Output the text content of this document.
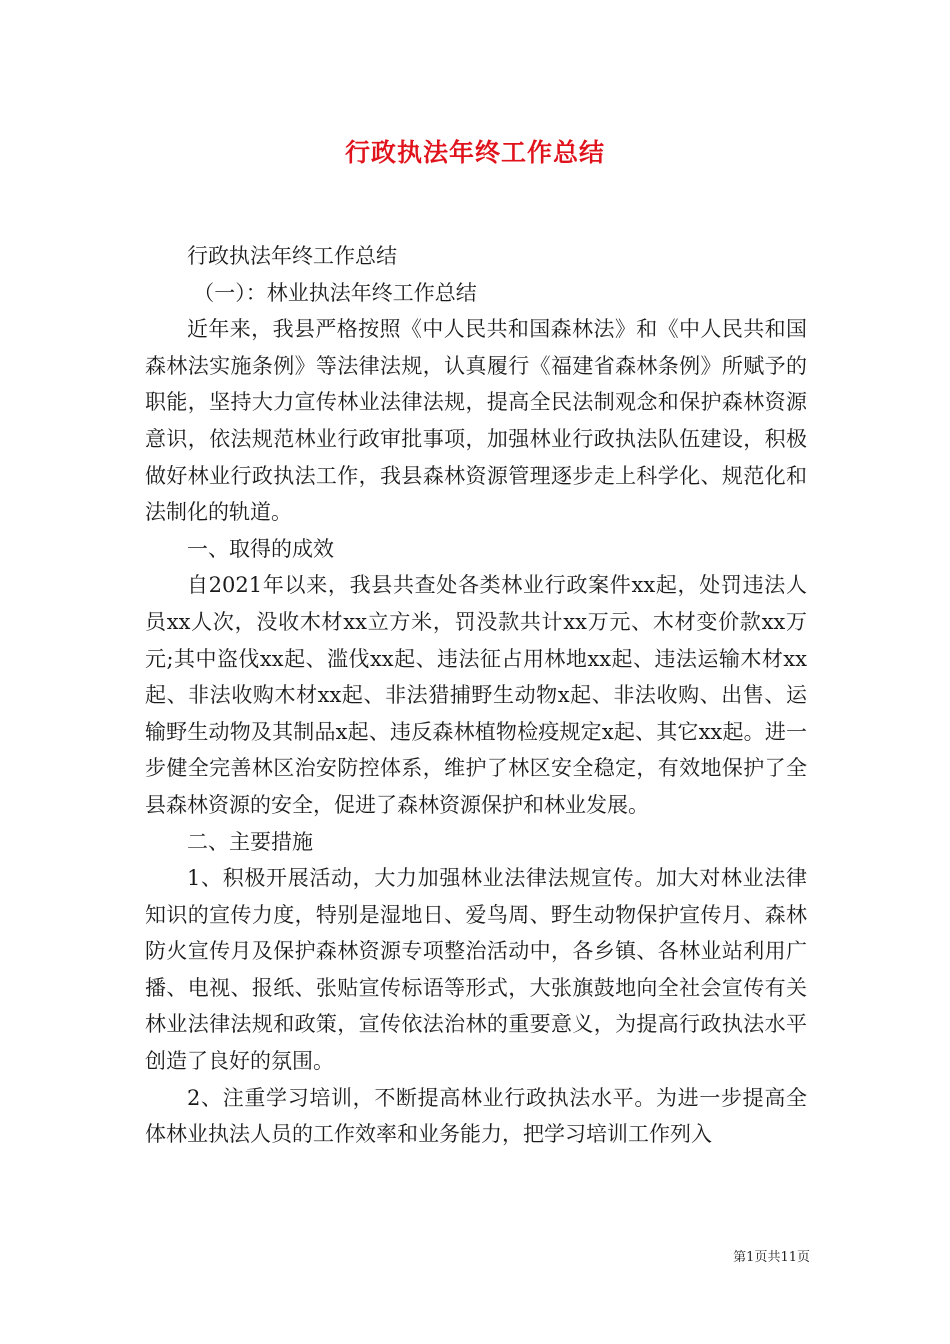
行政执法年终工作总结

行政执法年终工作总结

（一）：林业执法年终工作总结

近年来，我县严格按照《中人民共和国森林法》和《中人民共和国森林法实施条例》等法律法规，认真履行《福建省森林条例》所赋予的职能，坚持大力宣传林业法律法规，提高全民法制观念和保护森林资源意识，依法规范林业行政审批事项，加强林业行政执法队伍建设，积极做好林业行政执法工作，我县森林资源管理逐步走上科学化、规范化和法制化的轨道。

一、取得的成效

自2021年以来，我县共查处各类林业行政案件xx起，处罚违法人员xx人次，没收木材xx立方米，罚没款共计xx万元、木材变价款xx万元;其中盗伐xx起、滥伐xx起、违法征占用林地xx起、违法运输木材xx起、非法收购木材xx起、非法猎捕野生动物x起、非法收购、出售、运输野生动物及其制品x起、违反森林植物检疫规定x起、其它xx起。进一步健全完善林区治安防控体系，维护了林区安全稳定，有效地保护了全县森林资源的安全，促进了森林资源保护和林业发展。

二、主要措施

1、积极开展活动，大力加强林业法律法规宣传。加大对林业法律知识的宣传力度，特别是湿地日、爱鸟周、野生动物保护宣传月、森林防火宣传月及保护森林资源专项整治活动中，各乡镇、各林业站利用广播、电视、报纸、张贴宣传标语等形式，大张旗鼓地向全社会宣传有关林业法律法规和政策，宣传依法治林的重要意义，为提高行政执法水平创造了良好的氛围。

2、注重学习培训，不断提高林业行政执法水平。为进一步提高全体林业执法人员的工作效率和业务能力，把学习培训工作列入

第1页共11页
